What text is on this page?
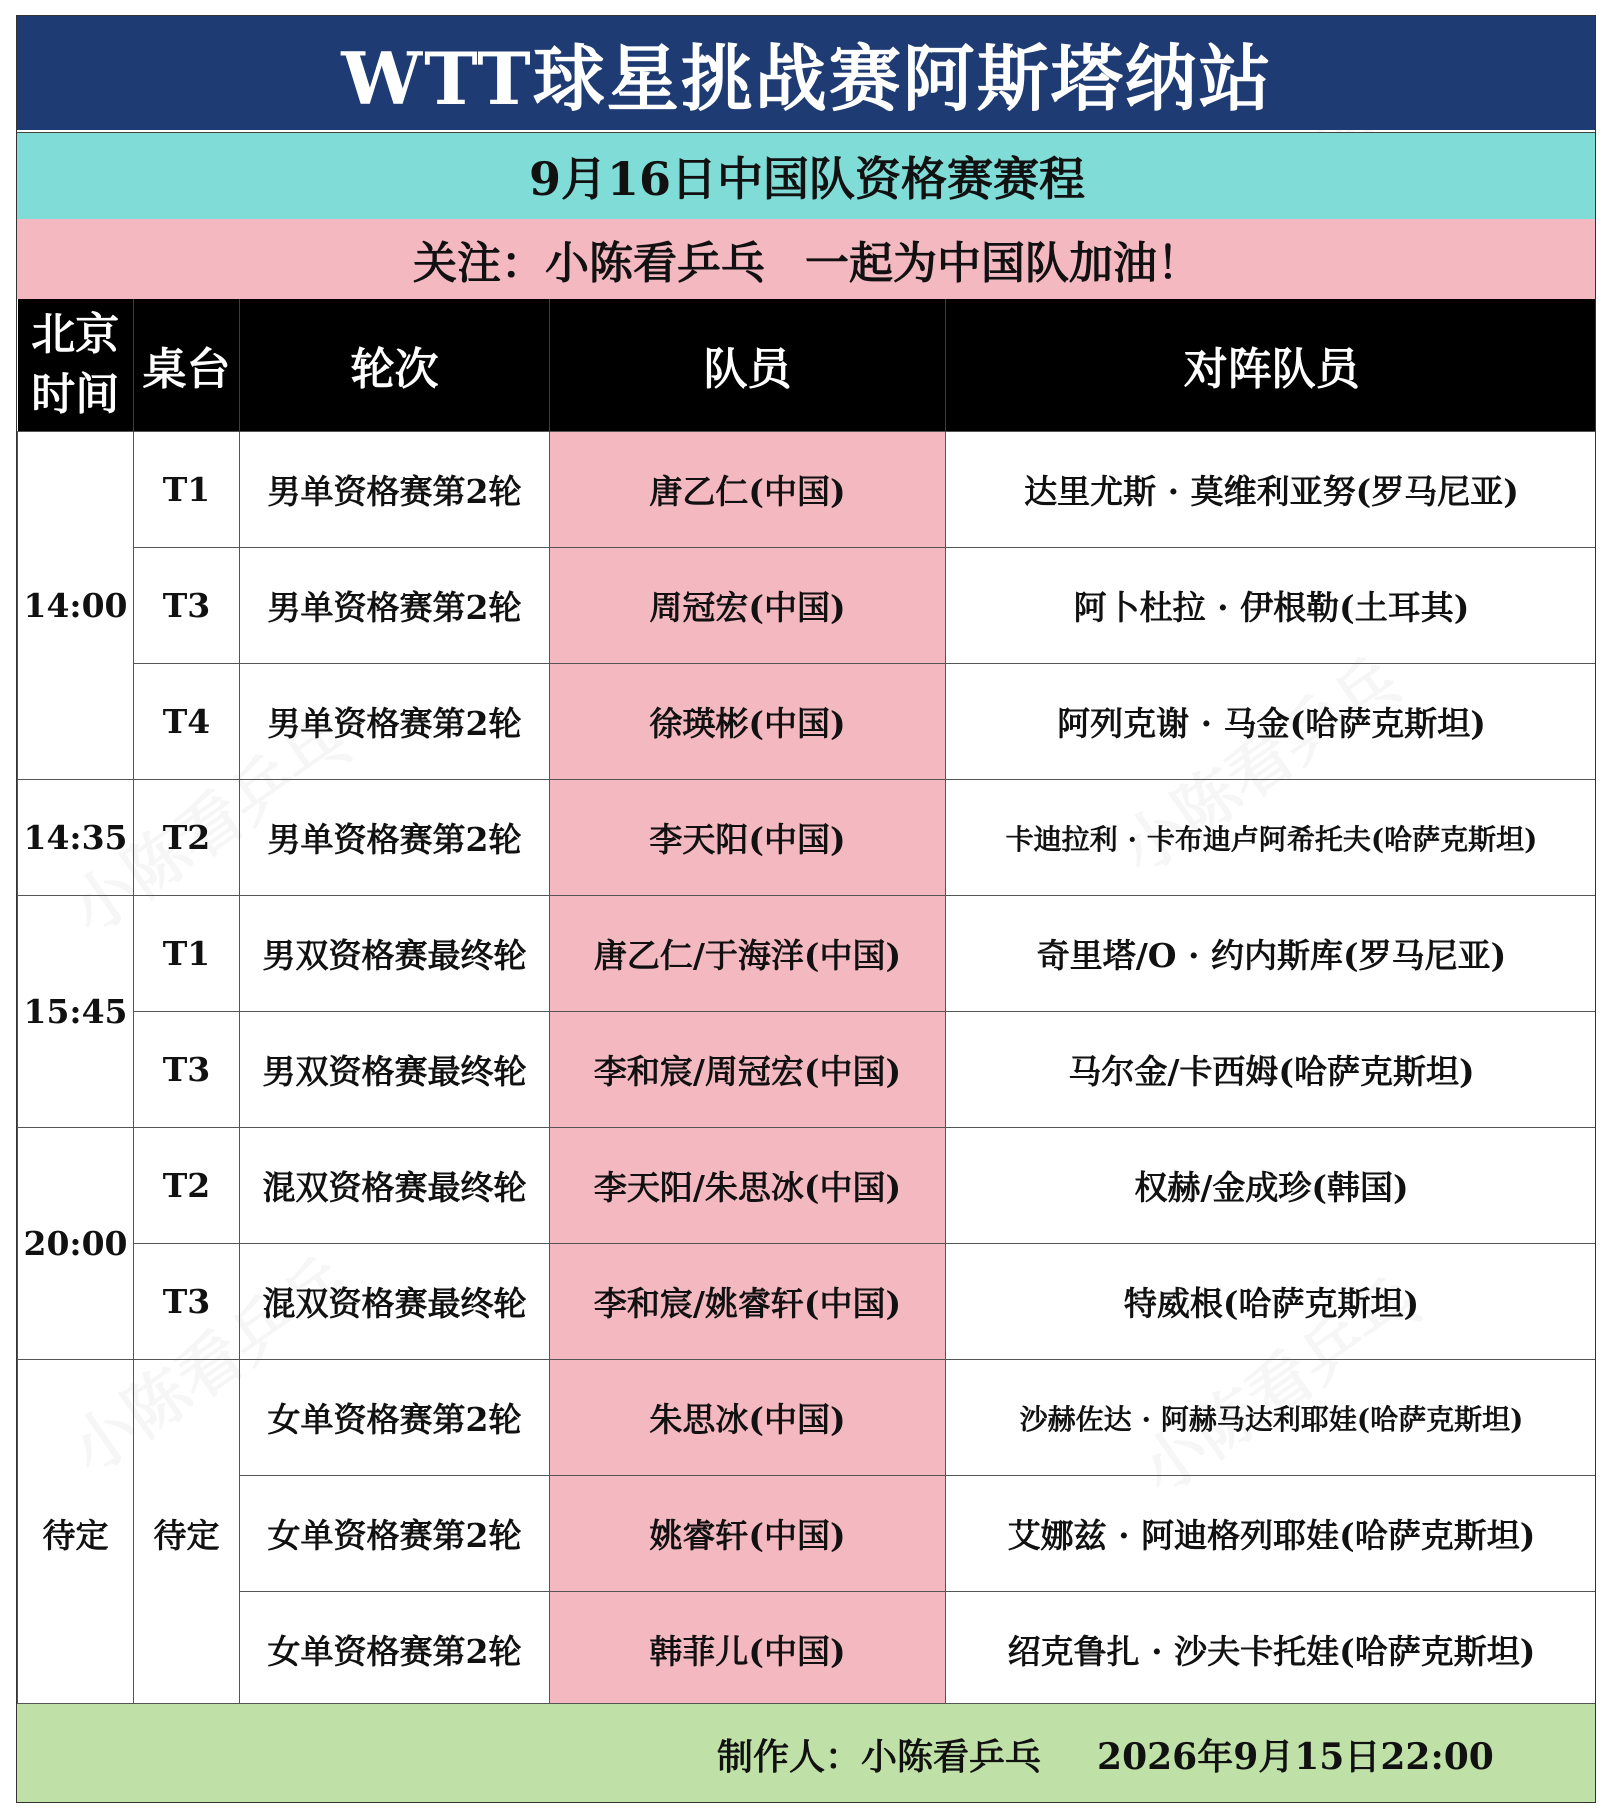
WTT球星挑战赛阿斯塔纳站
9月16日中国队资格赛赛程
关注：小陈看乒乓 一起为中国队加油！
北京
时间	桌台	轮次	队员	对阵队员
14:00	T1	男单资格赛第2轮	唐乙仁(中国)	达里尤斯 · 莫维利亚努(罗马尼亚)
	T3	男单资格赛第2轮	周冠宏(中国)	阿卜杜拉 · 伊根勒(土耳其)
	T4	男单资格赛第2轮	徐瑛彬(中国)	阿列克谢 · 马金(哈萨克斯坦)
14:35	T2	男单资格赛第2轮	李天阳(中国)	卡迪拉利 · 卡布迪卢阿希托夫(哈萨克斯坦)
15:45	T1	男双资格赛最终轮	唐乙仁/于海洋(中国)	奇里塔/O · 约内斯库(罗马尼亚)
	T3	男双资格赛最终轮	李和宸/周冠宏(中国)	马尔金/卡西姆(哈萨克斯坦)
20:00	T2	混双资格赛最终轮	李天阳/朱思冰(中国)	权赫/金成珍(韩国)
	T3	混双资格赛最终轮	李和宸/姚睿轩(中国)	特威根(哈萨克斯坦)
待定	待定	女单资格赛第2轮	朱思冰(中国)	沙赫佐达 · 阿赫马达利耶娃(哈萨克斯坦)
		女单资格赛第2轮	姚睿轩(中国)	艾娜兹 · 阿迪格列耶娃(哈萨克斯坦)
		女单资格赛第2轮	韩菲儿(中国)	绍克鲁扎 · 沙夫卡托娃(哈萨克斯坦)
制作人：小陈看乒乓 2026年9月15日22:00
